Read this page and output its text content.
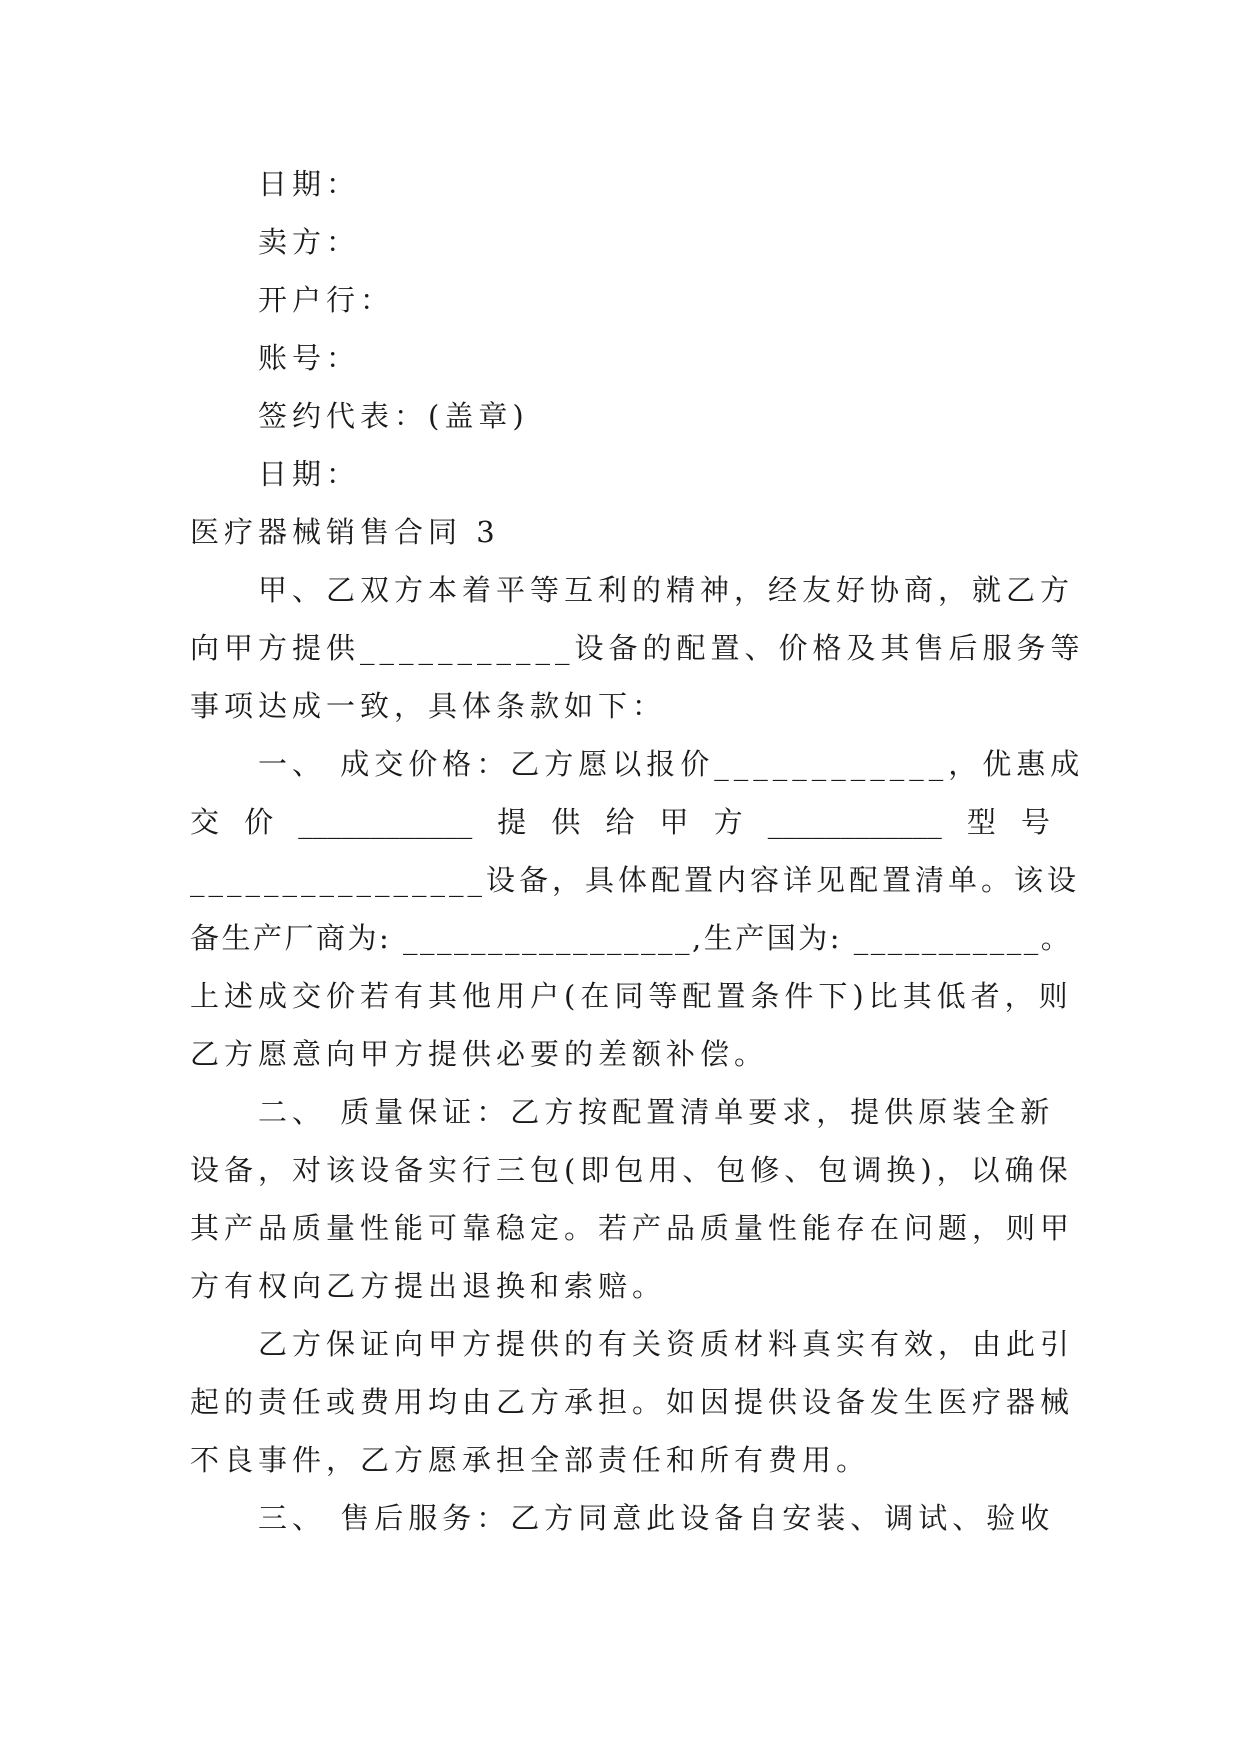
日期：
卖方：
开户行：
账号：
签约代表：(盖章)
日期：
医疗器械销售合同 3
甲、乙双方本着平等互利的精神，经友好协商，就乙方
向甲方提供___________设备的配置、价格及其售后服务等
事项达成一致，具体条款如下：
一、 成交价格：乙方愿以报价____________，优惠成
交 价 ____________ 提 供 给 甲 方 ____________ 型 号
________________设备，具体配置内容详见配置清单。该设
备生产厂商为: _________________,生产国为: ___________。
上述成交价若有其他用户(在同等配置条件下)比其低者，则
乙方愿意向甲方提供必要的差额补偿。
二、 质量保证：乙方按配置清单要求，提供原装全新
设备，对该设备实行三包(即包用、包修、包调换)，以确保
其产品质量性能可靠稳定。若产品质量性能存在问题，则甲
方有权向乙方提出退换和索赔。
乙方保证向甲方提供的有关资质材料真实有效，由此引
起的责任或费用均由乙方承担。如因提供设备发生医疗器械
不良事件，乙方愿承担全部责任和所有费用。
三、 售后服务：乙方同意此设备自安装、调试、验收
